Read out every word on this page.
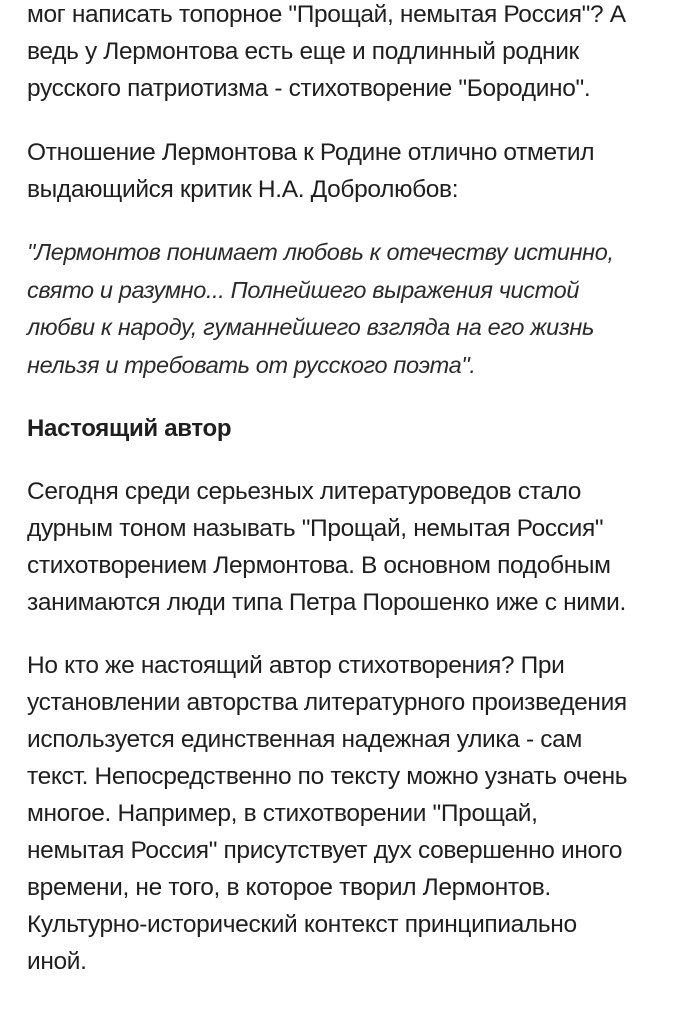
мог написать топорное "Прощай, немытая Россия"? А
ведь у Лермонтова есть еще и подлинный родник
русского патриотизма - стихотворение "Бородино".

Отношение Лермонтова к Родине отлично отметил
выдающийся критик Н.А. Добролюбов:

"Лермонтов понимает любовь к отечеству истинно,
свято и разумно... Полнейшего выражения чистой
любви к народу, гуманнейшего взгляда на его жизнь
нельзя и требовать от русского поэта".

Настоящий автор

Сегодня среди серьезных литературоведов стало
дурным тоном называть "Прощай, немытая Россия"
стихотворением Лермонтова. В основном подобным
занимаются люди типа Петра Порошенко иже с ними.

Но кто же настоящий автор стихотворения? При
установлении авторства литературного произведения
используется единственная надежная улика - сам
текст. Непосредственно по тексту можно узнать очень
многое. Например, в стихотворении "Прощай,
немытая Россия" присутствует дух совершенно иного
времени, не того, в которое творил Лермонтов.
Культурно-исторический контекст принципиально
иной.
